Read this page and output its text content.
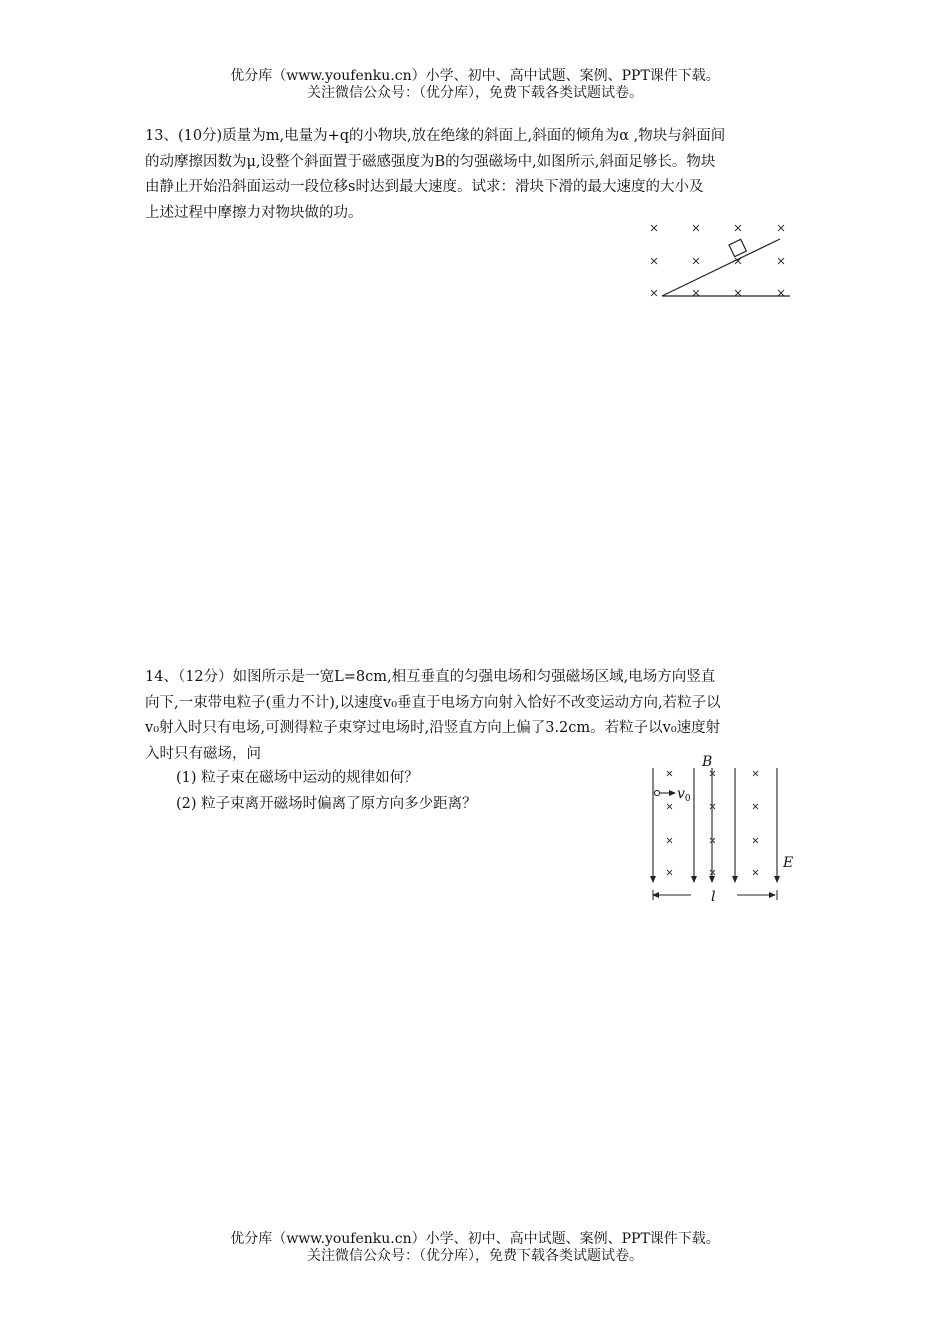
优分库（www.youfenku.cn）小学、初中、高中试题、案例、PPT课件下载。
关注微信公众号：（优分库），免费下载各类试题试卷。

13、(10分)质量为m,电量为+q的小物块,放在绝缘的斜面上,斜面的倾角为α ,物块与斜面间

的动摩擦因数为μ,设整个斜面置于磁感强度为B的匀强磁场中,如图所示,斜面足够长。物块

由静止开始沿斜面运动一段位移s时达到最大速度。试求：滑块下滑的最大速度的大小及

上述过程中摩擦力对物块做的功。

14、（12分）如图所示是一宽L=8cm,相互垂直的匀强电场和匀强磁场区域,电场方向竖直

向下,一束带电粒子(重力不计),以速度v₀垂直于电场方向射入恰好不改变运动方向,若粒子以

v₀射入时只有电场,可测得粒子束穿过电场时,沿竖直方向上偏了3.2cm。若粒子以v₀速度射

入时只有磁场，问

(1) 粒子束在磁场中运动的规律如何？
(2) 粒子束离开磁场时偏离了原方向多少距离？
$v_0$
B
E
l
优分库（www.youfenku.cn）小学、初中、高中试题、案例、PPT课件下载。
关注微信公众号：（优分库），免费下载各类试题试卷。
